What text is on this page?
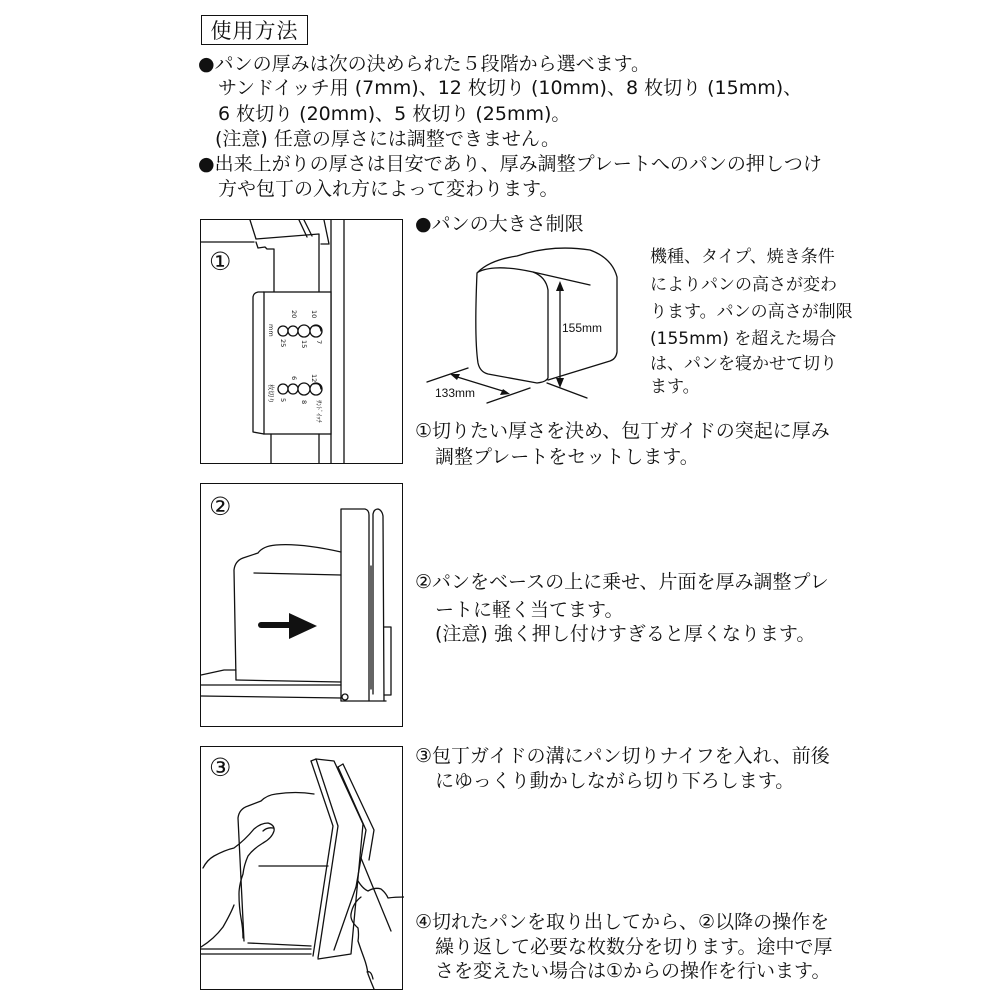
使用方法
●パンの厚みは次の決められた５段階から選べます。
サンドイッチ用 (7mm)、12 枚切り (10mm)、8 枚切り (15mm)、
6 枚切り (20mm)、5 枚切り (25mm)。
(注意) 任意の厚さには調整できません。
●出来上がりの厚さは目安であり、厚み調整プレートへのパンの押しつけ
方や包丁の入れ方によって変わります。
①
10
20
7
15
25
mm
12
6
ｻﾝﾄﾞｲｯﾁ
8
5
枚切り
155mm
133mm
●パンの大きさ制限
機種、タイプ、焼き条件
によりパンの高さが変わ
ります。パンの高さが制限
(155mm) を超えた場合
は、パンを寝かせて切り
ます。
①切りたい厚さを決め、包丁ガイドの突起に厚み
調整プレートをセットします。
②
②パンをベースの上に乗せ、片面を厚み調整プレ
ートに軽く当てます。
(注意) 強く押し付けすぎると厚くなります。
③	③包丁ガイドの溝にパン切りナイフを入れ、前後
にゆっくり動かしながら切り下ろします。
④切れたパンを取り出してから、②以降の操作を
繰り返して必要な枚数分を切ります。途中で厚
さを変えたい場合は①からの操作を行います。
